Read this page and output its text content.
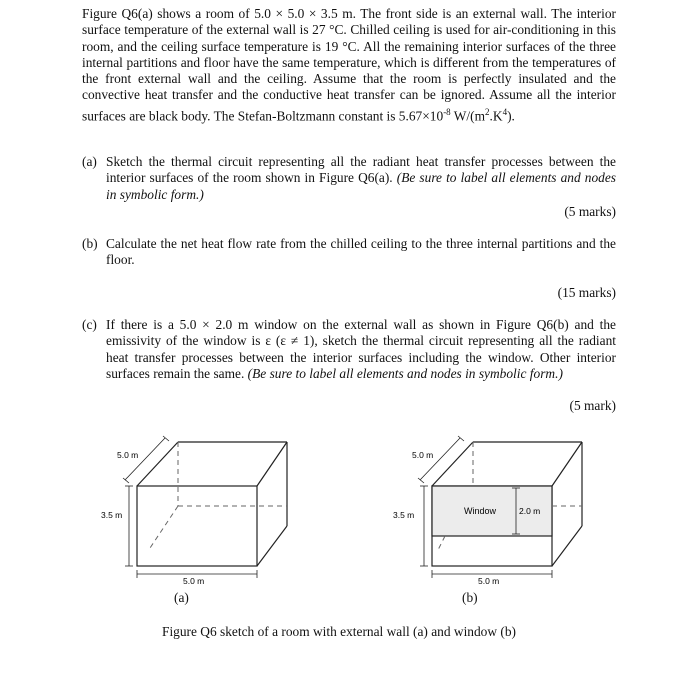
Figure Q6(a) shows a room of 5.0 × 5.0 × 3.5 m. The front side is an external wall. The interior surface temperature of the external wall is 27 °C. Chilled ceiling is used for air-conditioning in this room, and the ceiling surface temperature is 19 °C. All the remaining interior surfaces of the three internal partitions and floor have the same temperature, which is different from the temperatures of the front external wall and the ceiling. Assume that the room is perfectly insulated and the convective heat transfer and the conductive heat transfer can be ignored. Assume all the interior surfaces are black body. The Stefan-Boltzmann constant is $5.67\times 10^{-8}$ $W/(m^2.K^4)$.
(a) Sketch the thermal circuit representing all the radiant heat transfer processes between the interior surfaces of the room shown in Figure Q6(a). (Be sure to label all elements and nodes in symbolic form.)
(5 marks)
(b) Calculate the net heat flow rate from the chilled ceiling to the three internal partitions and the floor.
(15 marks)
(c) If there is a 5.0 × 2.0 m window on the external wall as shown in Figure Q6(b) and the emissivity of the window is ε (ε ≠ 1), sketch the thermal circuit representing all the radiant heat transfer processes between the interior surfaces including the window. Other interior surfaces remain the same. (Be sure to label all elements and nodes in symbolic form.)
(5 mark)
5.0 m
3.5 m
5.0 m
5.0 m
3.5 m	Window	2.0 m
5.0 m
(a)	(b)
Figure Q6 sketch of a room with external wall (a) and window (b)
